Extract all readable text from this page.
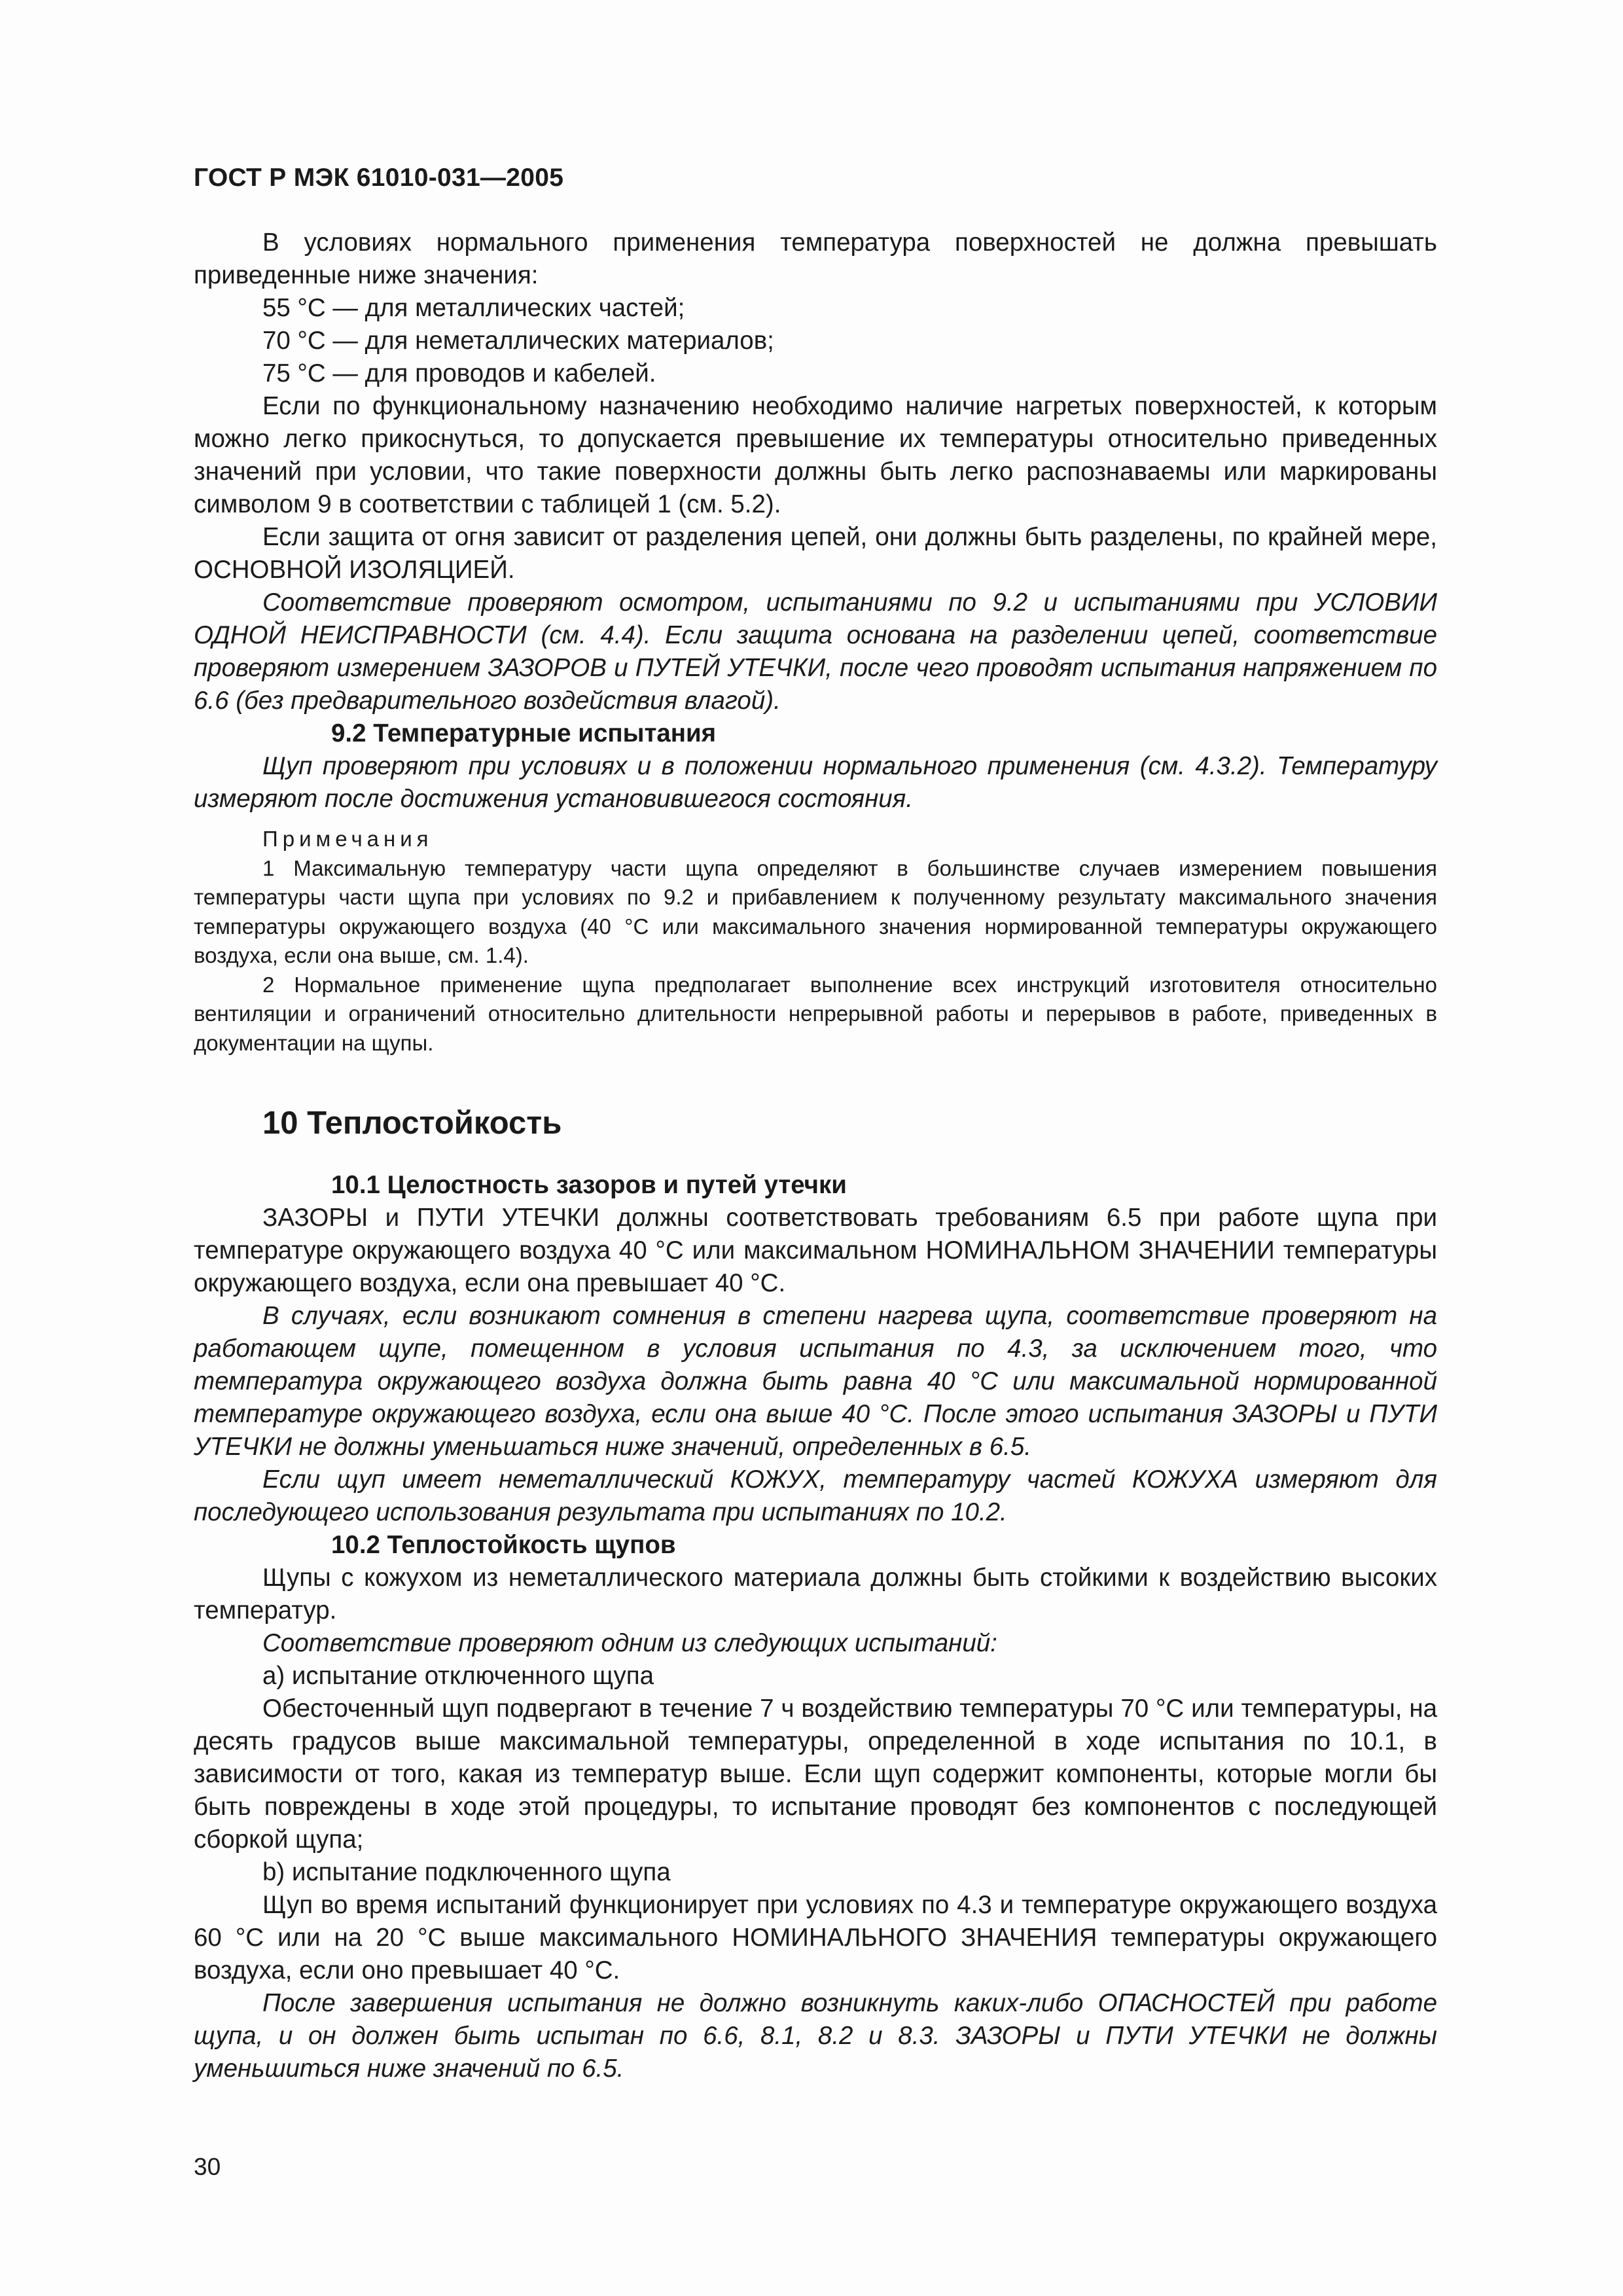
ГОСТ Р МЭК 61010-031—2005

В условиях нормального применения температура поверхностей не должна превышать приведенные ниже значения:

55 °С — для металлических частей;

70 °С — для неметаллических материалов;

75 °С — для проводов и кабелей.

Если по функциональному назначению необходимо наличие нагретых поверхностей, к которым можно легко прикоснуться, то допускается превышение их температуры относительно приведенных значений при условии, что такие поверхности должны быть легко распознаваемы или маркированы символом 9 в соответствии с таблицей 1 (см. 5.2).

Если защита от огня зависит от разделения цепей, они должны быть разделены, по крайней мере, ОСНОВНОЙ ИЗОЛЯЦИЕЙ.

Соответствие проверяют осмотром, испытаниями по 9.2 и испытаниями при УСЛОВИИ ОДНОЙ НЕИСПРАВНОСТИ (см. 4.4). Если защита основана на разделении цепей, соответствие проверяют измерением ЗАЗОРОВ и ПУТЕЙ УТЕЧКИ, после чего проводят испытания напряжением по 6.6 (без предварительного воздействия влагой).

9.2 Температурные испытания

Щуп проверяют при условиях и в положении нормального применения (см. 4.3.2). Температуру измеряют после достижения установившегося состояния.

Примечания

1 Максимальную температуру части щупа определяют в большинстве случаев измерением повышения температуры части щупа при условиях по 9.2 и прибавлением к полученному результату максимального значения температуры окружающего воздуха (40 °С или максимального значения нормированной температуры окружающего воздуха, если она выше, см. 1.4).

2 Нормальное применение щупа предполагает выполнение всех инструкций изготовителя относительно вентиляции и ограничений относительно длительности непрерывной работы и перерывов в работе, приведенных в документации на щупы.

10 Теплостойкость

10.1 Целостность зазоров и путей утечки

ЗАЗОРЫ и ПУТИ УТЕЧКИ должны соответствовать требованиям 6.5 при работе щупа при температуре окружающего воздуха 40 °С или максимальном НОМИНАЛЬНОМ ЗНАЧЕНИИ температуры окружающего воздуха, если она превышает 40 °С.

В случаях, если возникают сомнения в степени нагрева щупа, соответствие проверяют на работающем щупе, помещенном в условия испытания по 4.3, за исключением того, что температура окружающего воздуха должна быть равна 40 °С или максимальной нормированной температуре окружающего воздуха, если она выше 40 °С. После этого испытания ЗАЗОРЫ и ПУТИ УТЕЧКИ не должны уменьшаться ниже значений, определенных в 6.5.

Если щуп имеет неметаллический КОЖУХ, температуру частей КОЖУХА измеряют для последующего использования результата при испытаниях по 10.2.

10.2 Теплостойкость щупов

Щупы с кожухом из неметаллического материала должны быть стойкими к воздействию высоких температур.

Соответствие проверяют одним из следующих испытаний:

a) испытание отключенного щупа

Обесточенный щуп подвергают в течение 7 ч воздействию температуры 70 °С или температуры, на десять градусов выше максимальной температуры, определенной в ходе испытания по 10.1, в зависимости от того, какая из температур выше. Если щуп содержит компоненты, которые могли бы быть повреждены в ходе этой процедуры, то испытание проводят без компонентов с последующей сборкой щупа;

b) испытание подключенного щупа

Щуп во время испытаний функционирует при условиях по 4.3 и температуре окружающего воздуха 60 °С или на 20 °С выше максимального НОМИНАЛЬНОГО ЗНАЧЕНИЯ температуры окружающего воздуха, если оно превышает 40 °С.

После завершения испытания не должно возникнуть каких-либо ОПАСНОСТЕЙ при работе щупа, и он должен быть испытан по 6.6, 8.1, 8.2 и 8.3. ЗАЗОРЫ и ПУТИ УТЕЧКИ не должны уменьшиться ниже значений по 6.5.

30
